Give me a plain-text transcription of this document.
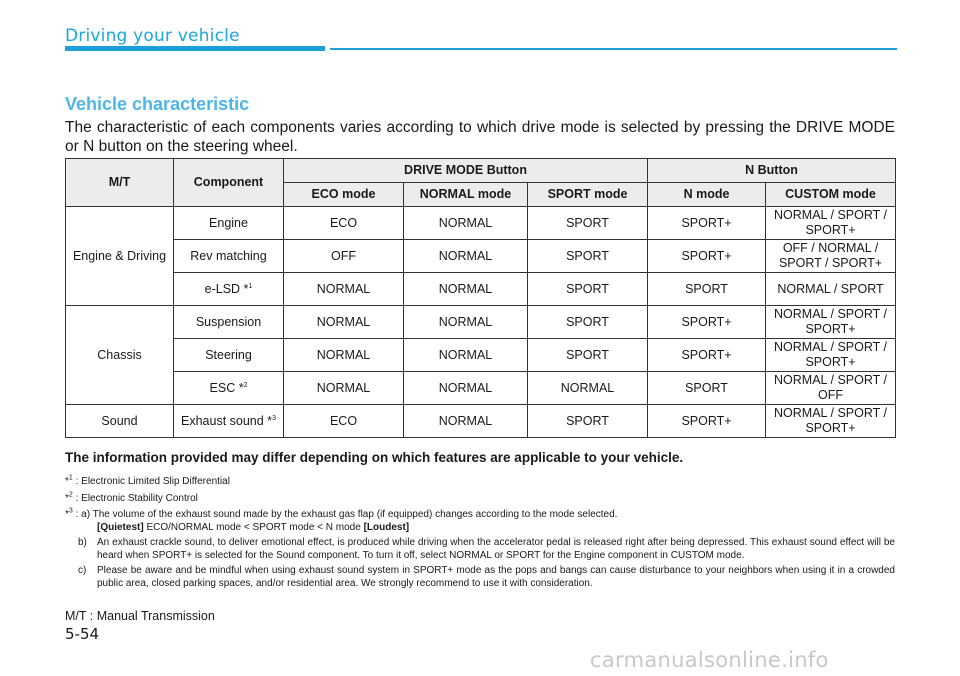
Driving your vehicle
Vehicle characteristic
The characteristic of each components varies according to which drive mode is selected by pressing the DRIVE MODE or N button on the steering wheel.
M/T	Component	DRIVE MODE Button			N Button	
		ECO mode	NORMAL mode	SPORT mode	N mode	CUSTOM mode
Engine & Driving	Engine	ECO	NORMAL	SPORT	SPORT+	NORMAL / SPORT / SPORT+
	Rev matching	OFF	NORMAL	SPORT	SPORT+	OFF / NORMAL / SPORT / SPORT+
	e-LSD *$^1$	NORMAL	NORMAL	SPORT	SPORT	NORMAL / SPORT
Chassis	Suspension	NORMAL	NORMAL	SPORT	SPORT+	NORMAL / SPORT / SPORT+
	Steering	NORMAL	NORMAL	SPORT	SPORT+	NORMAL / SPORT / SPORT+
	ESC *$^2$	NORMAL	NORMAL	NORMAL	SPORT	NORMAL / SPORT / OFF
Sound	Exhaust sound *$^3$	ECO	NORMAL	SPORT	SPORT+	NORMAL / SPORT / SPORT+
The information provided may differ depending on which features are applicable to your vehicle.
*$^1$ : Electronic Limited Slip Differential
*$^2$ : Electronic Stability Control
*$^3$ : a) The volume of the exhaust sound made by the exhaust gas flap (if equipped) changes according to the mode selected.
[Quietest] ECO/NORMAL mode < SPORT mode < N mode [Loudest]
b)	An exhaust crackle sound, to deliver emotional effect, is produced while driving when the accelerator pedal is released right after being depressed. This exhaust sound effect will be heard when SPORT+ is selected for the Sound component. To turn it off, select NORMAL or SPORT for the Engine component in CUSTOM mode.
c)	Please be aware and be mindful when using exhaust sound system in SPORT+ mode as the pops and bangs can cause disturbance to your neighbors when using it in a crowded public area, closed parking spaces, and/or residential area. We strongly recommend to use it with consideration.
M/T : Manual Transmission
5-54
carmanualsonline.info
